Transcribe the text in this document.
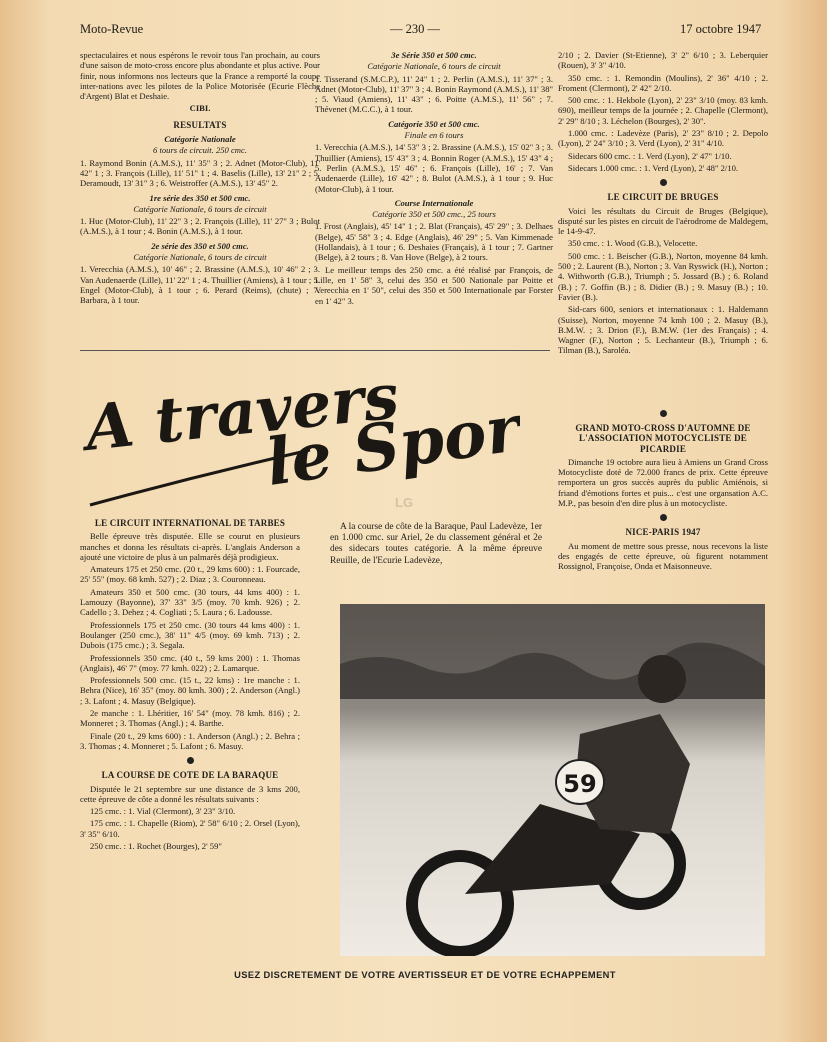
Moto-Revue	— 230 —	17 octobre 1947

spectaculaires et nous espérons le revoir tous l'an prochain, au cours d'une saison de moto-cross encore plus abondante et plus active. Pour finir, nous informons nos lecteurs que la France a remporté la coupe inter-nations avec les pilotes de la Police Motorisée (Ecurie Flèche d'Argent) Blat et Deshaie.

CIBI.
RESULTATS
Catégorie Nationale

6 tours de circuit. 250 cmc.

1. Raymond Bonin (A.M.S.), 11' 35" 3 ; 2. Adnet (Motor-Club), 11' 42" 1 ; 3. François (Lille), 11' 51" 1 ; 4. Baselis (Lille), 13' 21" 2 ; 5. Deramoudt, 13' 31" 3 ; 6. Weistroffer (A.M.S.), 13' 45" 2.

1re série des 350 et 500 cmc.

Catégorie Nationale, 6 tours de circuit

1. Huc (Motor-Club), 11' 22" 3 ; 2. François (Lille), 11' 27" 3 ; Bulot (A.M.S.), à 1 tour ; 4. Bonin (A.M.S.), à 1 tour.

2e série des 350 et 500 cmc.

Catégorie Nationale, 6 tours de circuit

1. Verecchia (A.M.S.), 10' 46" ; 2. Brassine (A.M.S.), 10' 46" 2 ; 3. Van Audenaerde (Lille), 11' 22" 1 ; 4. Thuillier (Amiens), à 1 tour ; 5. Engel (Motor-Club), à 1 tour ; 6. Perard (Reims), (chute) ; 7. Barbara, à 1 tour.

3e Série 350 et 500 cmc.

Catégorie Nationale, 6 tours de circuit

1. Tisserand (S.M.C.P.), 11' 24" 1 ; 2. Perlin (A.M.S.), 11' 37" ; 3. Adnet (Motor-Club), 11' 37" 3 ; 4. Bonin Raymond (A.M.S.), 11' 38" ; 5. Viaud (Amiens), 11' 43" ; 6. Poitte (A.M.S.), 11' 56" ; 7. Thévenet (M.C.C.), à 1 tour.

Catégorie 350 et 500 cmc.

Finale en 6 tours

1. Verecchia (A.M.S.), 14' 53" 3 ; 2. Brassine (A.M.S.), 15' 02" 3 ; 3. Thuillier (Amiens), 15' 43" 3 ; 4. Bonnin Roger (A.M.S.), 15' 43" 4 ; 5. Perlin (A.M.S.), 15' 46" ; 6. François (Lille), 16' ; 7. Van Audenaerde (Lille), 16' 42" ; 8. Bulot (A.M.S.), à 1 tour ; 9. Huc (Motor-Club), à 1 tour.

Course Internationale

Catégorie 350 et 500 cmc., 25 tours

1. Frost (Anglais), 45' 14" 1 ; 2. Blat (Français), 45' 29" ; 3. Delhaes (Belge), 45' 58" 3 ; 4. Edge (Anglais), 46' 29" ; 5. Van Kimmenade (Hollandais), à 1 tour ; 6. Deshaies (Français), à 1 tour ; 7. Gartner (Belge), à 2 tours ; 8. Van Hove (Belge), à 2 tours.

Le meilleur temps des 250 cmc. a été réalisé par François, de Lille, en 1' 58" 3, celui des 350 et 500 Nationale par Poitte et Verecchia en 1' 50", celui des 350 et 500 Internationale par Forster en 1' 42" 3.

2/10 ; 2. Davier (St-Etienne), 3' 2" 6/10 ; 3. Leberquier (Rouen), 3' 3" 4/10.

350 cmc. : 1. Remondin (Moulins), 2' 36" 4/10 ; 2. Froment (Clermont), 2' 42" 2/10.

500 cmc. : 1. Hekbole (Lyon), 2' 23" 3/10 (moy. 83 kmh. 690), meilleur temps de la journée ; 2. Chapelle (Clermont), 2' 29" 8/10 ; 3. Léchelon (Bourges), 2' 30".

1.000 cmc. : Ladevèze (Paris), 2' 23" 8/10 ; 2. Depolo (Lyon), 2' 24" 3/10 ; 3. Verd (Lyon), 2' 31" 4/10.

Sidecars 600 cmc. : 1. Verd (Lyon), 2' 47" 1/10.

Sidecars 1.000 cmc. : 1. Verd (Lyon), 2' 48" 2/10.

LE CIRCUIT DE BRUGES

Voici les résultats du Circuit de Bruges (Belgique), disputé sur les pistes en circuit de l'aérodrome de Maldegem, le 14-9-47.

350 cmc. : 1. Wood (G.B.), Velocette.

500 cmc. : 1. Beischer (G.B.), Norton, moyenne 84 kmh. 500 ; 2. Laurent (B.), Norton ; 3. Van Ryswick (H.), Norton ; 4. Withworth (G.B.), Triumph ; 5. Jossard (B.) ; 6. Roland (B.) ; 7. Goffin (B.) ; 8. Didier (B.) ; 9. Masuy (B.) ; 10. Favier (B.).

Sid-cars 600, seniors et internationaux : 1. Haldemann (Suisse), Norton, moyenne 74 kmh 100 ; 2. Masuy (B.), B.M.W. ; 3. Drion (F.), B.M.W. (1er des Français) ; 4. Wagner (F.), Norton ; 5. Lechanteur (B.), Triumph ; 6. Tilman (B.), Saroléa.

GRAND MOTO-CROSS D'AUTOMNE DE L'ASSOCIATION MOTOCYCLISTE DE PICARDIE

Dimanche 19 octobre aura lieu à Amiens un Grand Cross Motocycliste doté de 72.000 francs de prix. Cette épreuve remportera un gros succès auprès du public Amiénois, si friand d'émotions fortes et puis... c'est une organsation A.C. M.P., pas besoin d'en dire plus à un motocycliste.

NICE-PARIS 1947

Au moment de mettre sous presse, nous recevons la liste des engagés de cette épreuve, où figurent notamment Rossignol, Françoise, Onda et Maisonneuve.

A travers
le Sport
LG
LE CIRCUIT INTERNATIONAL DE TARBES

Belle épreuve très disputée. Elle se courut en plusieurs manches et donna les résultats ci-après. L'anglais Anderson a ajouté une victoire de plus à un palmarès déjà prodigieux.

Amateurs 175 et 250 cmc. (20 t., 29 kms 600) : 1. Fourcade, 25' 55" (moy. 68 kmh. 527) ; 2. Diaz ; 3. Couronneau.

Amateurs 350 et 500 cmc. (30 tours, 44 kms 400) : 1. Lamouzy (Bayonne), 37' 33" 3/5 (moy. 70 kmh. 926) ; 2. Cadello ; 3. Dehez ; 4. Cogliati ; 5. Laura ; 6. Ladousse.

Professionnels 175 et 250 cmc. (30 tours 44 kms 400) : 1. Boulanger (250 cmc.), 38' 11" 4/5 (moy. 69 kmh. 713) ; 2. Dubois (175 cmc.) ; 3. Segala.

Professionnels 350 cmc. (40 t., 59 kms 200) : 1. Thomas (Anglais), 46' 7" (moy. 77 kmh. 022) ; 2. Lamarque.

Professionnels 500 cmc. (15 t., 22 kms) : 1re manche : 1. Behra (Nice), 16' 35" (moy. 80 kmh. 300) ; 2. Anderson (Angl.) ; 3. Lafont ; 4. Masuy (Belgique).

2e manche : 1. Lhéritier, 16' 54" (moy. 78 kmh. 816) ; 2. Monneret ; 3. Thomas (Angl.) ; 4. Barthe.

Finale (20 t., 29 kms 600) : 1. Anderson (Angl.) ; 2. Behra ; 3. Thomas ; 4. Monneret ; 5. Lafont ; 6. Masuy.

LA COURSE DE COTE DE LA BARAQUE

Disputée le 21 septembre sur une distance de 3 kms 200, cette épreuve de côte a donné les résultats suivants :

125 cmc. : 1. Vial (Clermont), 3' 23" 3/10.

175 cmc. : 1. Chapelle (Riom), 2' 58" 6/10 ; 2. Orsel (Lyon), 3' 35" 6/10.

250 cmc. : 1. Rochet (Bourges), 2' 59"

A la course de côte de la Baraque, Paul Ladevèze, 1er en 1.000 cmc. sur Ariel, 2e du classement général et 2e des sidecars toutes catégorie. A la même épreuve Reuille, de l'Ecurie Ladevèze,

59
USEZ DISCRETEMENT DE VOTRE AVERTISSEUR ET DE VOTRE ECHAPPEMENT
